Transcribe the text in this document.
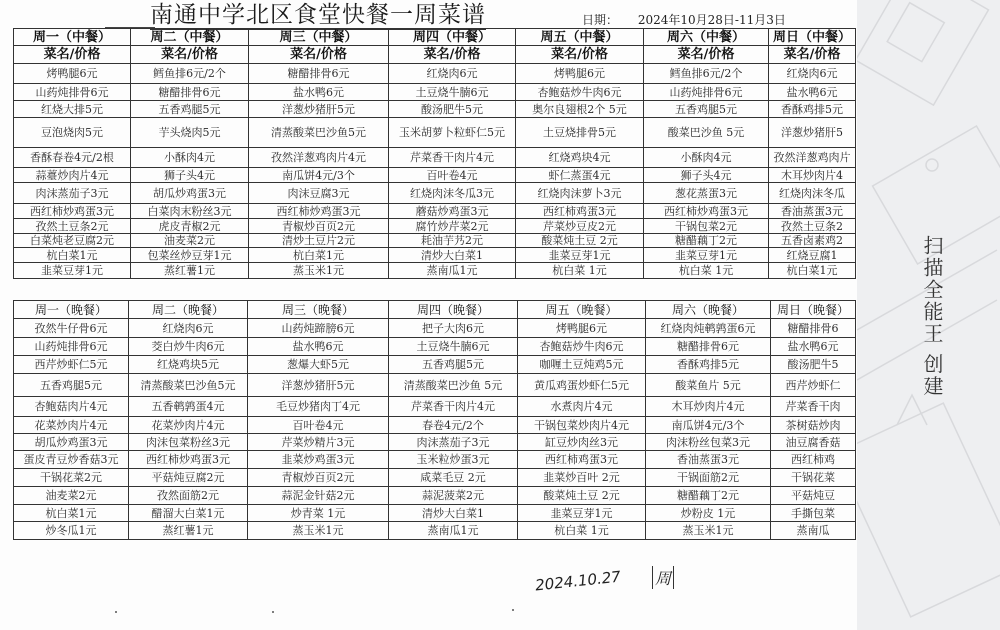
南通中学北区食堂快餐一周菜谱	日期： 2024年10月28日-11月3日
周一（中餐）	周二（中餐）	周三（中餐）	周四（中餐）	周五（中餐）	周六（中餐）	周日（中餐）
菜名/价格	菜名/价格	菜名/价格	菜名/价格	菜名/价格	菜名/价格	菜名/价格
烤鸭腿6元	鳕鱼排6元/2个	糖醋排骨6元	红烧肉6元	烤鸭腿6元	鳕鱼排6元/2个	红烧肉6元
山药炖排骨6元	糖醋排骨6元	盐水鸭6元	土豆烧牛腩6元	杏鲍菇炒牛肉6元	山药炖排骨6元	盐水鸭6元
红烧大排5元	五香鸡腿5元	洋葱炒猪肝5元	酸汤肥牛5元	奥尔良翅根2个 5元	五香鸡腿5元	香酥鸡排5元
豆泡烧肉5元	芋头烧肉5元	清蒸酸菜巴沙鱼5元	玉米胡萝卜粒虾仁5元	土豆烧排骨5元	酸菜巴沙鱼 5元	洋葱炒猪肝5
香酥春卷4元/2根	小酥肉4元	孜然洋葱鸡肉片4元	芹菜香干肉片4元	红烧鸡块4元	小酥肉4元	孜然洋葱鸡肉片
蒜薹炒肉片4元	狮子头4元	南瓜饼4元/3个	百叶卷4元	虾仁蒸蛋4元	狮子头4元	木耳炒肉片4
肉沫蒸茄子3元	胡瓜炒鸡蛋3元	肉沫豆腐3元	红烧肉沫冬瓜3元	红烧肉沫萝卜3元	葱花蒸蛋3元	红烧肉沫冬瓜
西红柿炒鸡蛋3元	白菜肉末粉丝3元	西红柿炒鸡蛋3元	蘑菇炒鸡蛋3元	西红柿鸡蛋3元	西红柿炒鸡蛋3元	香油蒸蛋3元
孜然土豆条2元	虎皮青椒2元	青椒炒百页2元	腐竹炒芹菜2元	芹菜炒豆皮2元	干锅包菜2元	孜然土豆条2
白菜炖老豆腐2元	油麦菜2元	清炒土豆片2元	耗油芋艿2元	酸菜炖土豆 2元	糖醋藕丁2元	五香卤素鸡2
杭白菜1元	包菜丝炒豆芽1元	杭白菜1元	清炒大白菜1	韭菜豆芽1元	韭菜豆芽1元	红烧豆腐1
韭菜豆芽1元	蒸红薯1元	蒸玉米1元	蒸南瓜1元	杭白菜 1元	杭白菜 1元	杭白菜1元
周一（晚餐）	周二（晚餐）	周三（晚餐）	周四（晚餐）	周五（晚餐）	周六（晚餐）	周日（晚餐）
孜然牛仔骨6元	红烧肉6元	山药炖蹄膀6元	把子大肉6元	烤鸭腿6元	红烧肉炖鹌鹑蛋6元	糖醋排骨6
山药炖排骨6元	茭白炒牛肉6元	盐水鸭6元	土豆烧牛腩6元	杏鲍菇炒牛肉6元	糖醋排骨6元	盐水鸭6元
西芹炒虾仁5元	红烧鸡块5元	葱爆大虾5元	五香鸡腿5元	咖喱土豆炖鸡5元	香酥鸡排5元	酸汤肥牛5
五香鸡腿5元	清蒸酸菜巴沙鱼5元	洋葱炒猪肝5元	清蒸酸菜巴沙鱼 5元	黄瓜鸡蛋炒虾仁5元	酸菜鱼片 5元	西芹炒虾仁
杏鲍菇肉片4元	五香鹌鹑蛋4元	毛豆炒猪肉丁4元	芹菜香干肉片4元	水煮肉片4元	木耳炒肉片4元	芹菜香干肉
花菜炒肉片4元	花菜炒肉片4元	百叶卷4元	春卷4元/2个	干锅包菜炒肉片4元	南瓜饼4元/3个	茶树菇炒肉
胡瓜炒鸡蛋3元	肉沫包菜粉丝3元	芹菜炒精片3元	肉沫蒸茄子3元	缸豆炒肉丝3元	肉沫粉丝包菜3元	油豆腐香菇
蛋皮青豆炒香菇3元	西红柿炒鸡蛋3元	韭菜炒鸡蛋3元	玉米粒炒蛋3元	西红柿鸡蛋3元	香油蒸蛋3元	西红柿鸡
干锅花菜2元	平菇炖豆腐2元	青椒炒百页2元	咸菜毛豆 2元	韭菜炒百叶 2元	干锅面筋2元	干锅花菜
油麦菜2元	孜然面筋2元	蒜泥金针菇2元	蒜泥菠菜2元	酸菜炖土豆 2元	糖醋藕丁2元	平菇炖豆
杭白菜1元	醋溜大白菜1元	炒青菜 1元	清炒大白菜1	韭菜豆芽1元	炒粉皮 1元	手撕包菜
炒冬瓜1元	蒸红薯1元	蒸玉米1元	蒸南瓜1元	杭白菜 1元	蒸玉米1元	蒸南瓜
2024.10.27 周
扫描全能王 创建
